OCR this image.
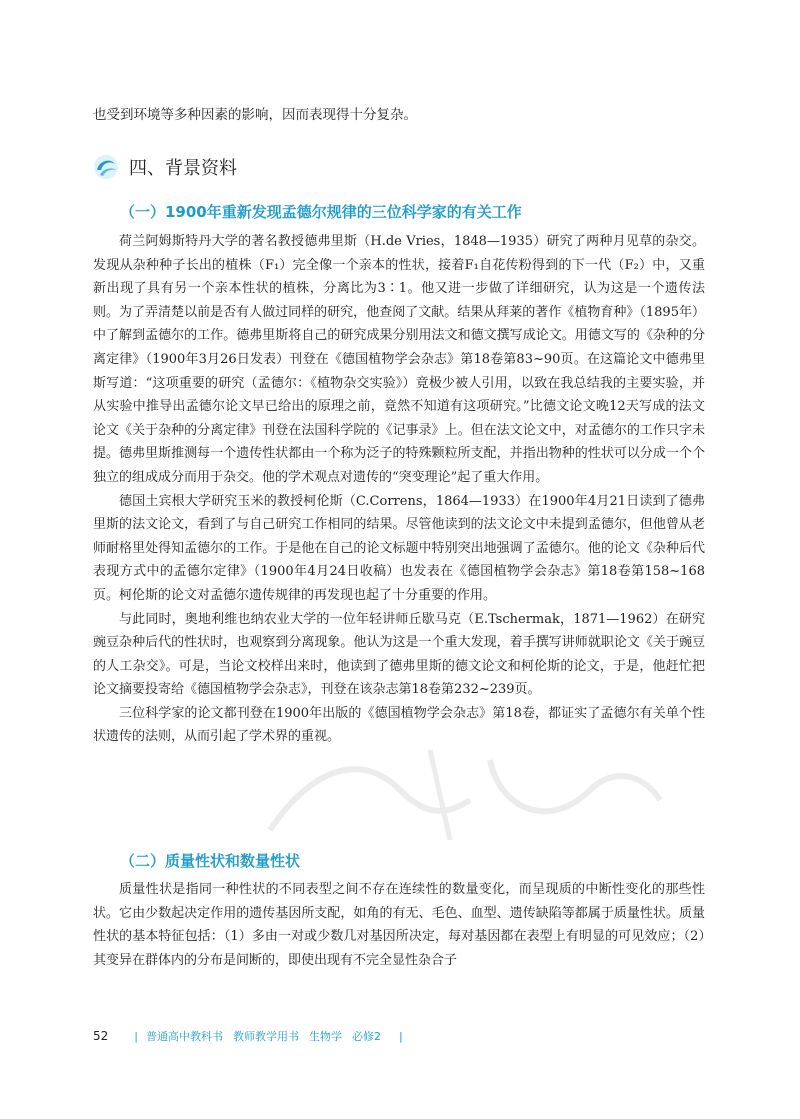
也受到环境等多种因素的影响，因而表现得十分复杂。

四、背景资料
（一）1900年重新发现孟德尔规律的三位科学家的有关工作

荷兰阿姆斯特丹大学的著名教授德弗里斯（H.de Vries，1848—1935）研究了两种月见草的杂交。发现从杂种种子长出的植株（F₁）完全像一个亲本的性状，接着F₁自花传粉得到的下一代（F₂）中，又重新出现了具有另一个亲本性状的植株，分离比为3∶1。他又进一步做了详细研究，认为这是一个遗传法则。为了弄清楚以前是否有人做过同样的研究，他查阅了文献。结果从拜莱的著作《植物育种》（1895年）中了解到孟德尔的工作。德弗里斯将自己的研究成果分别用法文和德文撰写成论文。用德文写的《杂种的分离定律》（1900年3月26日发表）刊登在《德国植物学会杂志》第18卷第83~90页。在这篇论文中德弗里斯写道：“这项重要的研究（孟德尔：《植物杂交实验》）竟极少被人引用，以致在我总结我的主要实验，并从实验中推导出孟德尔论文早已给出的原理之前，竟然不知道有这项研究。”比德文论文晚12天写成的法文论文《关于杂种的分离定律》刊登在法国科学院的《记事录》上。但在法文论文中，对孟德尔的工作只字未提。德弗里斯推测每一个遗传性状都由一个称为泛子的特殊颗粒所支配，并指出物种的性状可以分成一个个独立的组成成分而用于杂交。他的学术观点对遗传的“突变理论”起了重大作用。

德国土宾根大学研究玉米的教授柯伦斯（C.Correns，1864—1933）在1900年4月21日读到了德弗里斯的法文论文，看到了与自己研究工作相同的结果。尽管他读到的法文论文中未提到孟德尔，但他曾从老师耐格里处得知孟德尔的工作。于是他在自己的论文标题中特别突出地强调了孟德尔。他的论文《杂种后代表现方式中的孟德尔定律》（1900年4月24日收稿）也发表在《德国植物学会杂志》第18卷第158~168页。柯伦斯的论文对孟德尔遗传规律的再发现也起了十分重要的作用。

与此同时，奥地利维也纳农业大学的一位年轻讲师丘歇马克（E.Tschermak，1871—1962）在研究豌豆杂种后代的性状时，也观察到分离现象。他认为这是一个重大发现，着手撰写讲师就职论文《关于豌豆的人工杂交》。可是，当论文校样出来时，他读到了德弗里斯的德文论文和柯伦斯的论文，于是，他赶忙把论文摘要投寄给《德国植物学会杂志》，刊登在该杂志第18卷第232~239页。

三位科学家的论文都刊登在1900年出版的《德国植物学会杂志》第18卷，都证实了孟德尔有关单个性状遗传的法则，从而引起了学术界的重视。

（二）质量性状和数量性状

质量性状是指同一种性状的不同表型之间不存在连续性的数量变化，而呈现质的中断性变化的那些性状。它由少数起决定作用的遗传基因所支配，如角的有无、毛色、血型、遗传缺陷等都属于质量性状。质量性状的基本特征包括：（1）多由一对或少数几对基因所决定，每对基因都在表型上有明显的可见效应；（2）其变异在群体内的分布是间断的，即使出现有不完全显性杂合子

52 | 普通高中教科书 教师教学用书 生物学 必修2 |
